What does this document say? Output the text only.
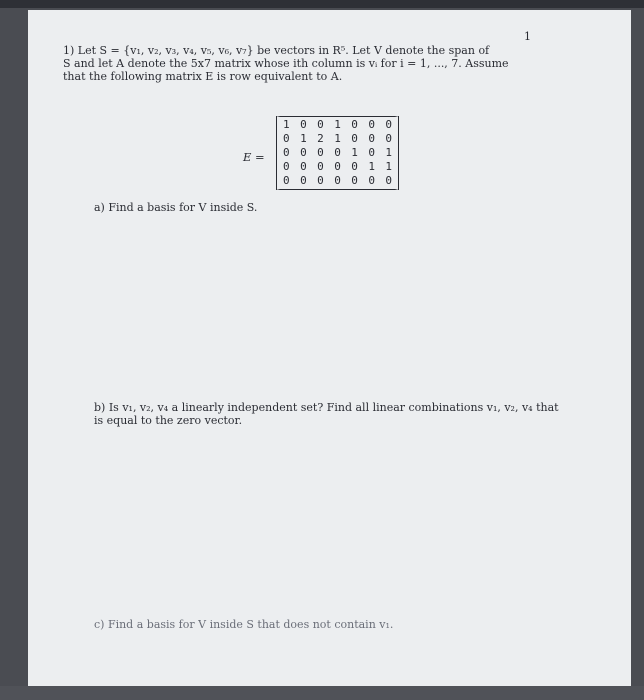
1

1) Let S = {v₁, v₂, v₃, v₄, v₅, v₆, v₇} be vectors in R⁵. Let V denote the span of

S and let A denote the 5x7 matrix whose ith column is vᵢ for i = 1, ..., 7. Assume

that the following matrix E is row equivalent to A.

E =
1 0 0 1 0 0 0
0 1 2 1 0 0 0
0 0 0 0 1 0 1
0 0 0 0 0 1 1
0 0 0 0 0 0 0

a) Find a basis for V inside S.

b) Is v₁, v₂, v₄ a linearly independent set? Find all linear combinations v₁, v₂, v₄ that

is equal to the zero vector.

c) Find a basis for V inside S that does not contain v₁.
